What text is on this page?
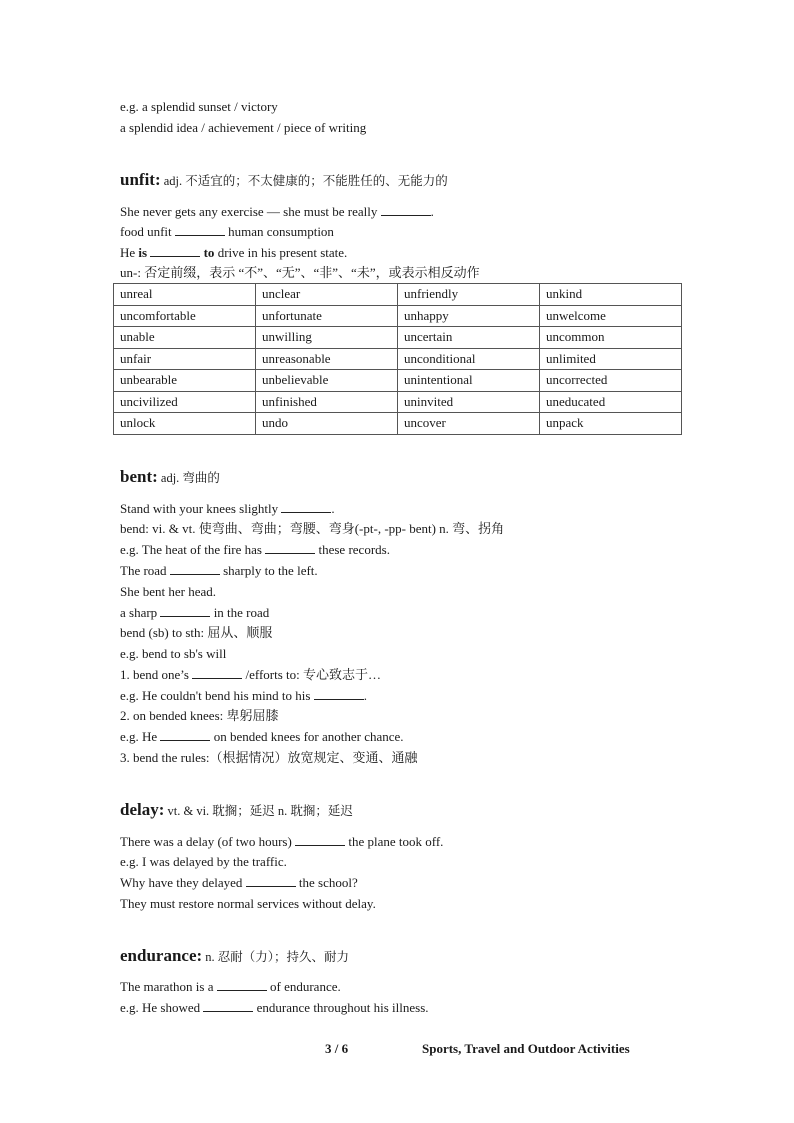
e.g. a splendid sunset / victory
a splendid idea / achievement / piece of writing
unfit: adj. 不适宜的；不太健康的；不能胜任的、无能力的
She never gets any exercise — she must be really	.
food unfit	human consumption
He is	to drive in his present state.
un-: 否定前缀，表示 “不”、“无”、“非”、“未”，或表示相反动作
unreal	unclear	unfriendly	unkind
uncomfortable	unfortunate	unhappy	unwelcome
unable	unwilling	uncertain	uncommon
unfair	unreasonable	unconditional	unlimited
unbearable	unbelievable	unintentional	uncorrected
uncivilized	unfinished	uninvited	uneducated
unlock	undo	uncover	unpack
bent: adj. 弯曲的
Stand with your knees slightly	.
bend: vi. & vt. 使弯曲、弯曲；弯腰、弯身(-pt-, -pp- bent) n. 弯、拐角
e.g. The heat of the fire has	these records.
The road	sharply to the left.
She bent her head.
a sharp	in the road
bend (sb) to sth: 屈从、顺服
e.g. bend to sb's will
1. bend one’s	/efforts to: 专心致志于…
e.g. He couldn't bend his mind to his	.
2. on bended knees: 卑躬屈膝
e.g. He	on bended knees for another chance.
3. bend the rules:（根据情况）放宽规定、变通、通融
delay: vt. & vi. 耽搁；延迟 n. 耽搁；延迟
There was a delay (of two hours)	the plane took off.
e.g. I was delayed by the traffic.
Why have they delayed	the school?
They must restore normal services without delay.
endurance: n. 忍耐（力）；持久、耐力
The marathon is a	of endurance.
e.g. He showed	endurance throughout his illness.
3 / 6	Sports, Travel and Outdoor Activities
